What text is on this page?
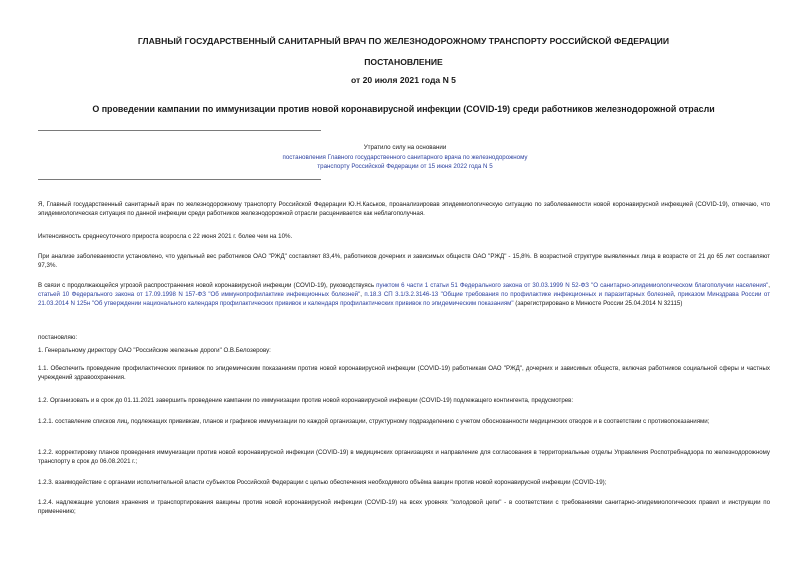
ГЛАВНЫЙ ГОСУДАРСТВЕННЫЙ САНИТАРНЫЙ ВРАЧ ПО ЖЕЛЕЗНОДОРОЖНОМУ ТРАНСПОРТУ РОССИЙСКОЙ ФЕДЕРАЦИИ
ПОСТАНОВЛЕНИЕ
от 20 июля 2021 года N 5
О проведении кампании по иммунизации против новой коронавирусной инфекции (COVID-19) среди работников железнодорожной отрасли
Утратило силу на основании
постановления Главного государственного санитарного врача по железнодорожному
транспорту Российской Федерации от 15 июня 2022 года N 5
Я, Главный государственный санитарный врач по железнодорожному транспорту Российской Федерации Ю.Н.Каськов, проанализировав эпидемиологическую ситуацию по заболеваемости новой коронавирусной инфекцией (COVID-19), отмечаю, что эпидемиологическая ситуация по данной инфекции среди работников железнодорожной отрасли расценивается как неблагополучная.
Интенсивность среднесуточного прироста возросла с 22 июня 2021 г. более чем на 10%.
При анализе заболеваемости установлено, что удельный вес работников ОАО "РЖД" составляет 83,4%, работников дочерних и зависимых обществ ОАО "РЖД" - 15,8%. В возрастной структуре выявленных лица в возрасте от 21 до 65 лет составляют 97,3%.
В связи с продолжающейся угрозой распространения новой коронавирусной инфекции (COVID-19), руководствуясь пунктом 6 части 1 статьи 51 Федерального закона от 30.03.1999 N 52-ФЗ "О санитарно-эпидемиологическом благополучии населения", статьей 10 Федерального закона от 17.09.1998 N 157-ФЗ "Об иммунопрофилактике инфекционных болезней", п.18.3 СП 3.1/3.2.3146-13 "Общие требования по профилактике инфекционных и паразитарных болезней, приказом Минздрава России от 21.03.2014 N 125н "Об утверждении национального календаря профилактических прививок и календаря профилактических прививок по эпидемическим показаниям" (зарегистрировано в Минюсте России 25.04.2014 N 32115)
постановляю:
1. Генеральному директору ОАО "Российские железные дороги" О.В.Белозерову:
1.1. Обеспечить проведение профилактических прививок по эпидемическим показаниям против новой коронавирусной инфекции (COVID-19) работникам ОАО "РЖД", дочерних и зависимых обществ, включая работников социальной сферы и частных учреждений здравоохранения.
1.2. Организовать и в срок до 01.11.2021 завершить проведение кампании по иммунизации против новой коронавирусной инфекции (COVID-19) подлежащего контингента, предусмотрев:
1.2.1. составление списков лиц, подлежащих прививкам, планов и графиков иммунизации по каждой организации, структурному подразделению с учетом обоснованности медицинских отводов и в соответствии с противопоказаниями;
1.2.2. корректировку планов проведения иммунизации против новой коронавирусной инфекции (COVID-19) в медицинских организациях и направление для согласования в территориальные отделы Управления Роспотребнадзора по железнодорожному транспорту в срок до 06.08.2021 г.;
1.2.3. взаимодействие с органами исполнительной власти субъектов Российской Федерации с целью обеспечения необходимого объёма вакцин против новой коронавирусной инфекции (COVID-19);
1.2.4. надлежащие условия хранения и транспортирования вакцины против новой коронавирусной инфекции (COVID-19) на всех уровнях "холодовой цепи" - в соответствии с требованиями санитарно-эпидемиологических правил и инструкции по применению;
